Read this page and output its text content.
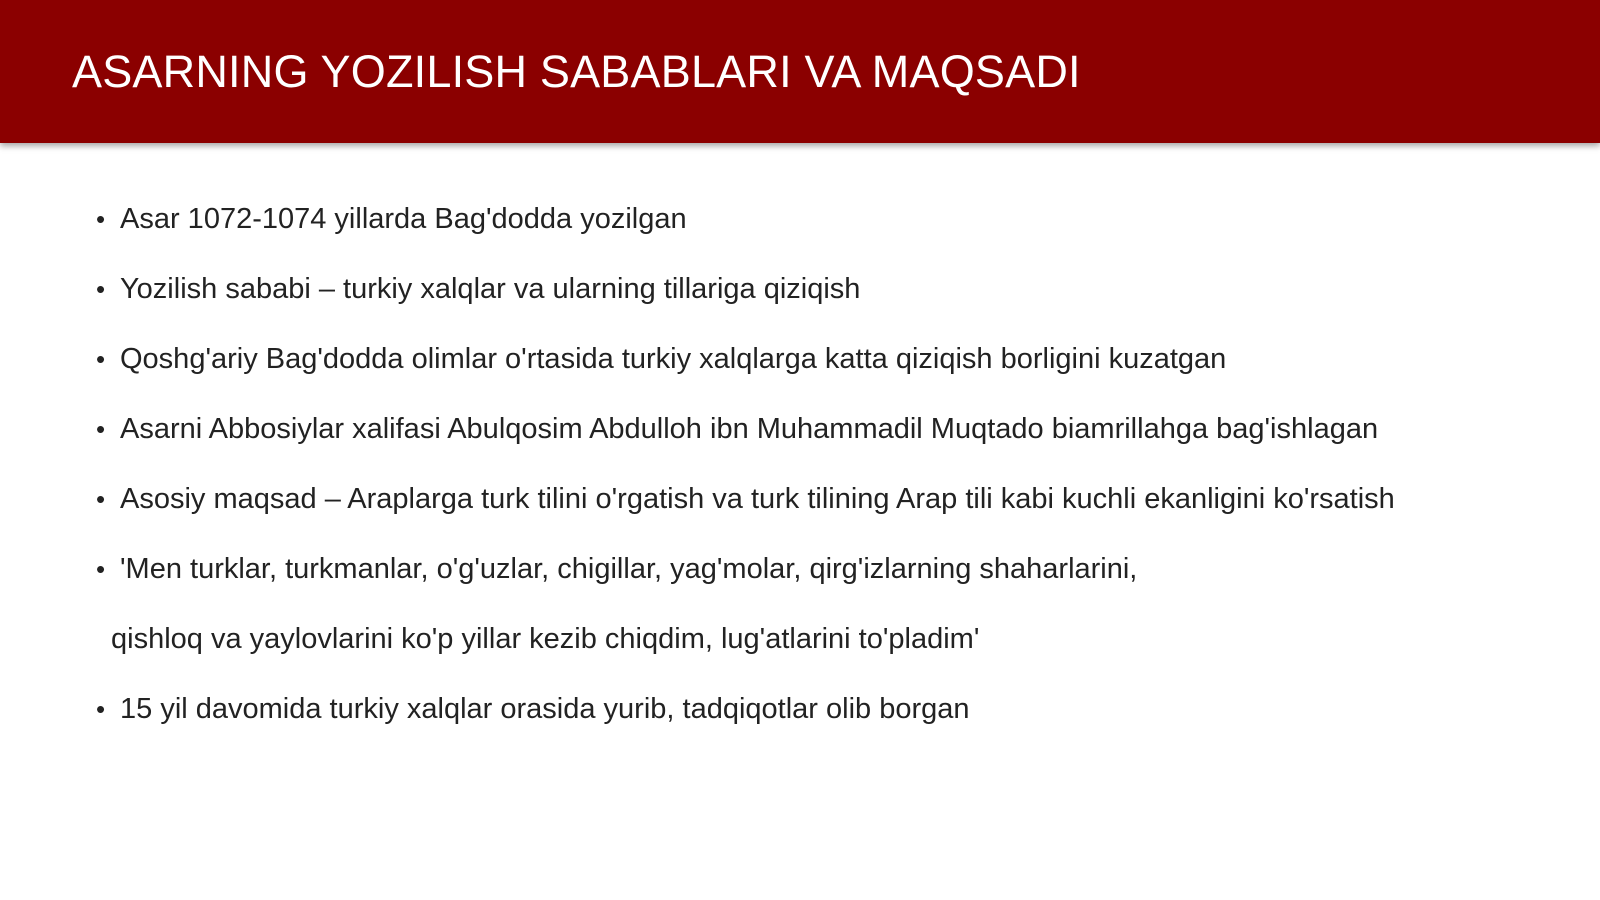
ASARNING YOZILISH SABABLARI VA MAQSADI
• Asar 1072-1074 yillarda Bag'dodda yozilgan
• Yozilish sababi – turkiy xalqlar va ularning tillariga qiziqish
• Qoshg'ariy Bag'dodda olimlar o'rtasida turkiy xalqlarga katta qiziqish borligini kuzatgan
• Asarni Abbosiylar xalifasi Abulqosim Abdulloh ibn Muhammadil Muqtado biamrillahga bag'ishlagan
• Asosiy maqsad – Araplarga turk tilini o'rgatish va turk tilining Arap tili kabi kuchli ekanligini ko'rsatish
• 'Men turklar, turkmanlar, o'g'uzlar, chigillar, yag'molar, qirg'izlarning shaharlarini,
qishloq va yaylovlarini ko'p yillar kezib chiqdim, lug'atlarini to'pladim'
• 15 yil davomida turkiy xalqlar orasida yurib, tadqiqotlar olib borgan
